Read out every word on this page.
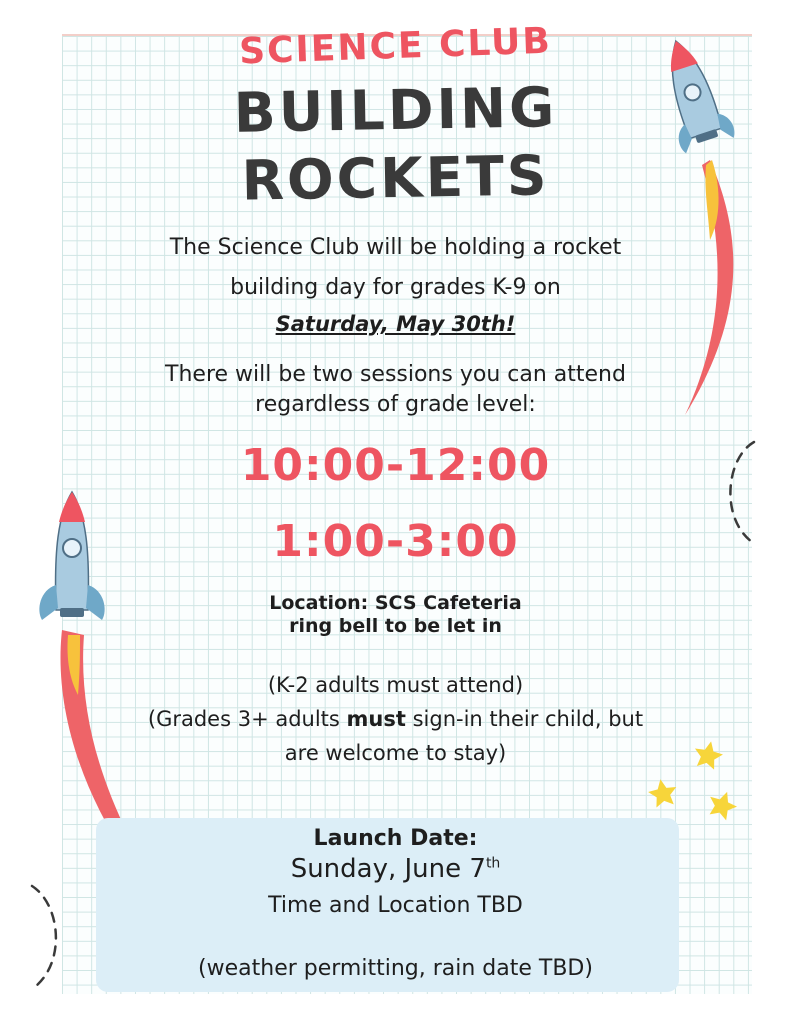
SCIENCE CLUB
BUILDING
ROCKETS
The Science Club will be holding a rocket
building day for grades K-9 on
Saturday, May 30th!
There will be two sessions you can attend
regardless of grade level:
10:00-12:00
1:00-3:00
Location: SCS Cafeteria
ring bell to be let in
(K-2 adults must attend)
(Grades 3+ adults must sign-in their child, but
are welcome to stay)
Launch Date:
Sunday, June 7th
Time and Location TBD
(weather permitting, rain date TBD)
